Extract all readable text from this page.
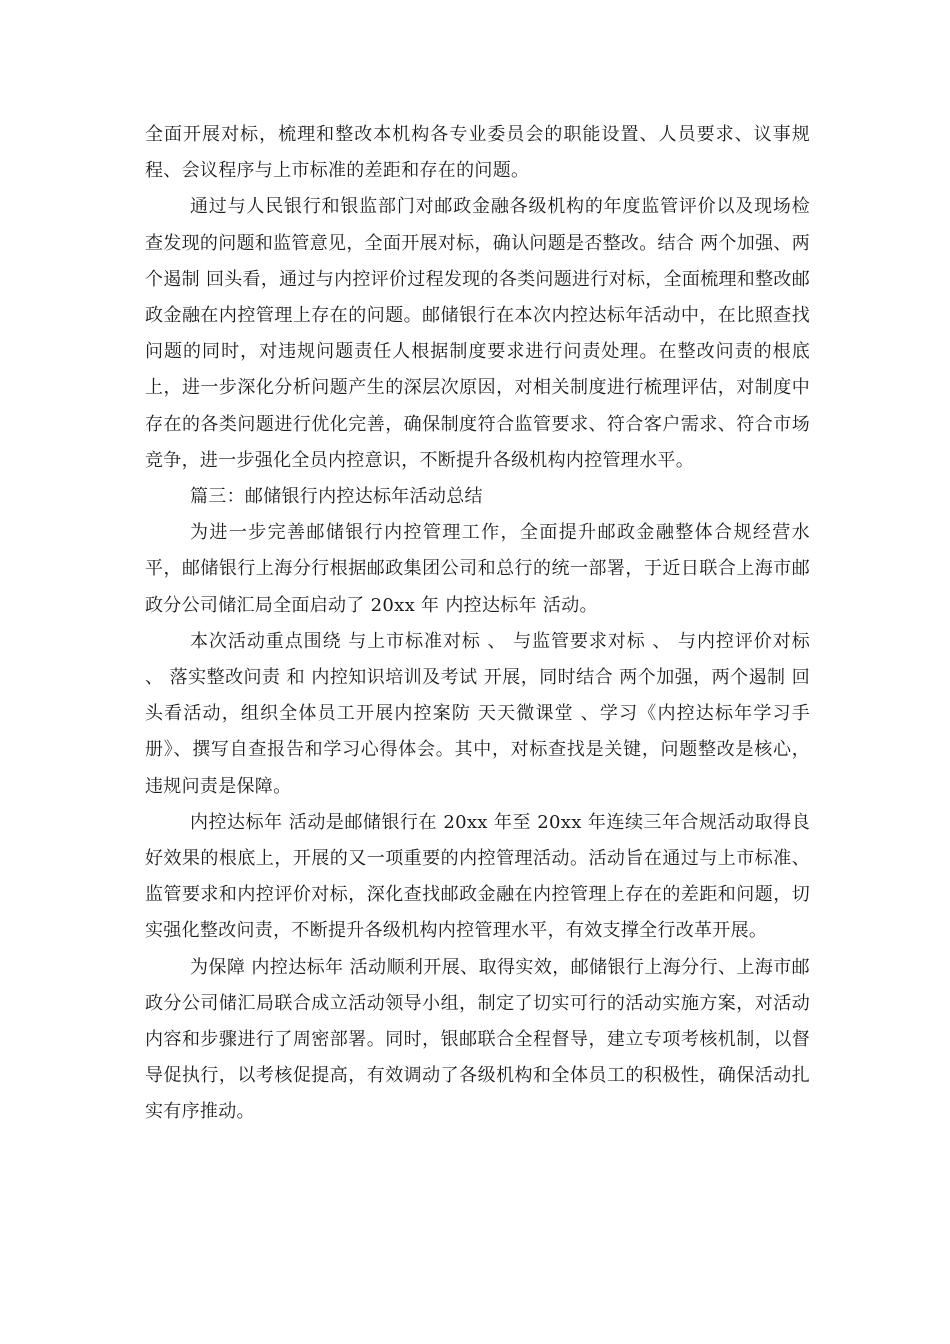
全面开展对标，梳理和整改本机构各专业委员会的职能设置、人员要求、议事规程、会议程序与上市标准的差距和存在的问题。

通过与人民银行和银监部门对邮政金融各级机构的年度监管评价以及现场检查发现的问题和监管意见，全面开展对标，确认问题是否整改。结合 两个加强、两个遏制 回头看，通过与内控评价过程发现的各类问题进行对标，全面梳理和整改邮政金融在内控管理上存在的问题。邮储银行在本次内控达标年活动中，在比照查找问题的同时，对违规问题责任人根据制度要求进行问责处理。在整改问责的根底上，进一步深化分析问题产生的深层次原因，对相关制度进行梳理评估，对制度中存在的各类问题进行优化完善，确保制度符合监管要求、符合客户需求、符合市场竞争，进一步强化全员内控意识，不断提升各级机构内控管理水平。

篇三：邮储银行内控达标年活动总结

为进一步完善邮储银行内控管理工作，全面提升邮政金融整体合规经营水平，邮储银行上海分行根据邮政集团公司和总行的统一部署，于近日联合上海市邮政分公司储汇局全面启动了 20xx 年 内控达标年 活动。

本次活动重点围绕 与上市标准对标 、 与监管要求对标 、 与内控评价对标 、 落实整改问责 和 内控知识培训及考试 开展，同时结合 两个加强，两个遏制 回头看活动，组织全体员工开展内控案防 天天微课堂 、学习《内控达标年学习手册》、撰写自查报告和学习心得体会。其中，对标查找是关键，问题整改是核心，违规问责是保障。

内控达标年 活动是邮储银行在 20xx 年至 20xx 年连续三年合规活动取得良好效果的根底上，开展的又一项重要的内控管理活动。活动旨在通过与上市标准、监管要求和内控评价对标，深化查找邮政金融在内控管理上存在的差距和问题，切实强化整改问责，不断提升各级机构内控管理水平，有效支撑全行改革开展。

为保障 内控达标年 活动顺利开展、取得实效，邮储银行上海分行、上海市邮政分公司储汇局联合成立活动领导小组，制定了切实可行的活动实施方案，对活动内容和步骤进行了周密部署。同时，银邮联合全程督导，建立专项考核机制，以督导促执行，以考核促提高，有效调动了各级机构和全体员工的积极性，确保活动扎实有序推动。
